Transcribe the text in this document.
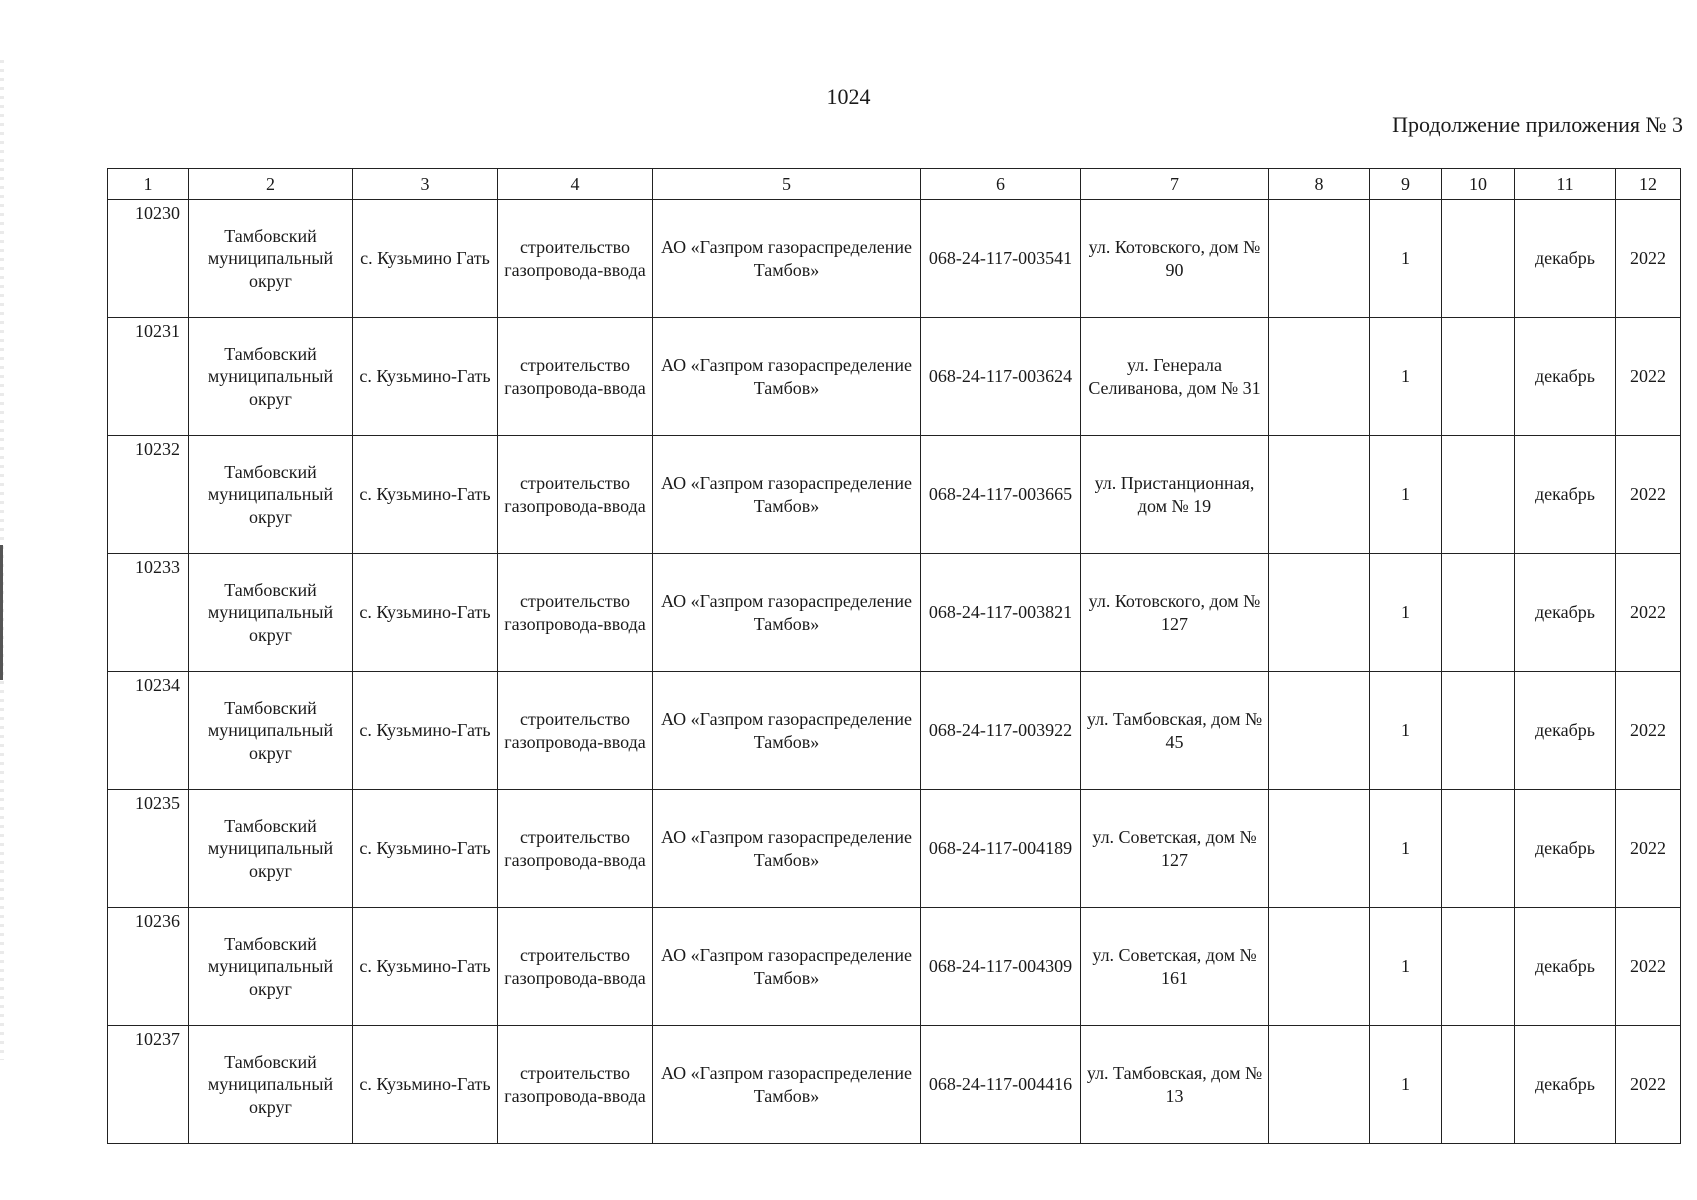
1024
Продолжение приложения № 3
1	2	3	4	5	6	7	8	9	10	11	12
10230	Тамбовский муниципальный округ	с. Кузьмино Гать	строительство газопровода-ввода	АО «Газпром газораспределение Тамбов»	068-24-117-003541	ул. Котовского, дом № 90		1		декабрь	2022
10231	Тамбовский муниципальный округ	с. Кузьмино-Гать	строительство газопровода-ввода	АО «Газпром газораспределение Тамбов»	068-24-117-003624	ул. Генерала Селиванова, дом № 31		1		декабрь	2022
10232	Тамбовский муниципальный округ	с. Кузьмино-Гать	строительство газопровода-ввода	АО «Газпром газораспределение Тамбов»	068-24-117-003665	ул. Пристанционная, дом № 19		1		декабрь	2022
10233	Тамбовский муниципальный округ	с. Кузьмино-Гать	строительство газопровода-ввода	АО «Газпром газораспределение Тамбов»	068-24-117-003821	ул. Котовского, дом № 127		1		декабрь	2022
10234	Тамбовский муниципальный округ	с. Кузьмино-Гать	строительство газопровода-ввода	АО «Газпром газораспределение Тамбов»	068-24-117-003922	ул. Тамбовская, дом № 45		1		декабрь	2022
10235	Тамбовский муниципальный округ	с. Кузьмино-Гать	строительство газопровода-ввода	АО «Газпром газораспределение Тамбов»	068-24-117-004189	ул. Советская, дом № 127		1		декабрь	2022
10236	Тамбовский муниципальный округ	с. Кузьмино-Гать	строительство газопровода-ввода	АО «Газпром газораспределение Тамбов»	068-24-117-004309	ул. Советская, дом № 161		1		декабрь	2022
10237	Тамбовский муниципальный округ	с. Кузьмино-Гать	строительство газопровода-ввода	АО «Газпром газораспределение Тамбов»	068-24-117-004416	ул. Тамбовская, дом № 13		1		декабрь	2022
